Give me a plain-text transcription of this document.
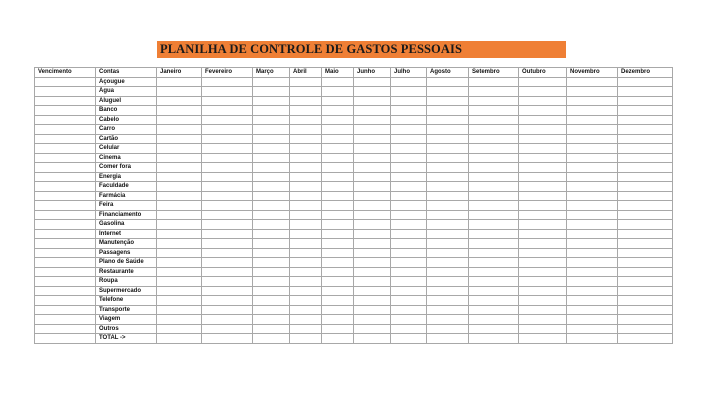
PLANILHA DE CONTROLE DE GASTOS PESSOAIS
Vencimento	Contas	Janeiro	Fevereiro	Março	Abril	Maio	Junho	Julho	Agosto	Setembro	Outubro	Novembro	Dezembro
	Açougue												
	Água												
	Aluguel												
	Banco												
	Cabelo												
	Carro												
	Cartão												
	Celular												
	Cinema												
	Comer fora												
	Energia												
	Faculdade												
	Farmácia												
	Feira												
	Financiamento												
	Gasolina												
	Internet												
	Manutenção												
	Passagens												
	Plano de Saúde												
	Restaurante												
	Roupa												
	Supermercado												
	Telefone												
	Transporte												
	Viagem												
	Outros												
	TOTAL ->												
